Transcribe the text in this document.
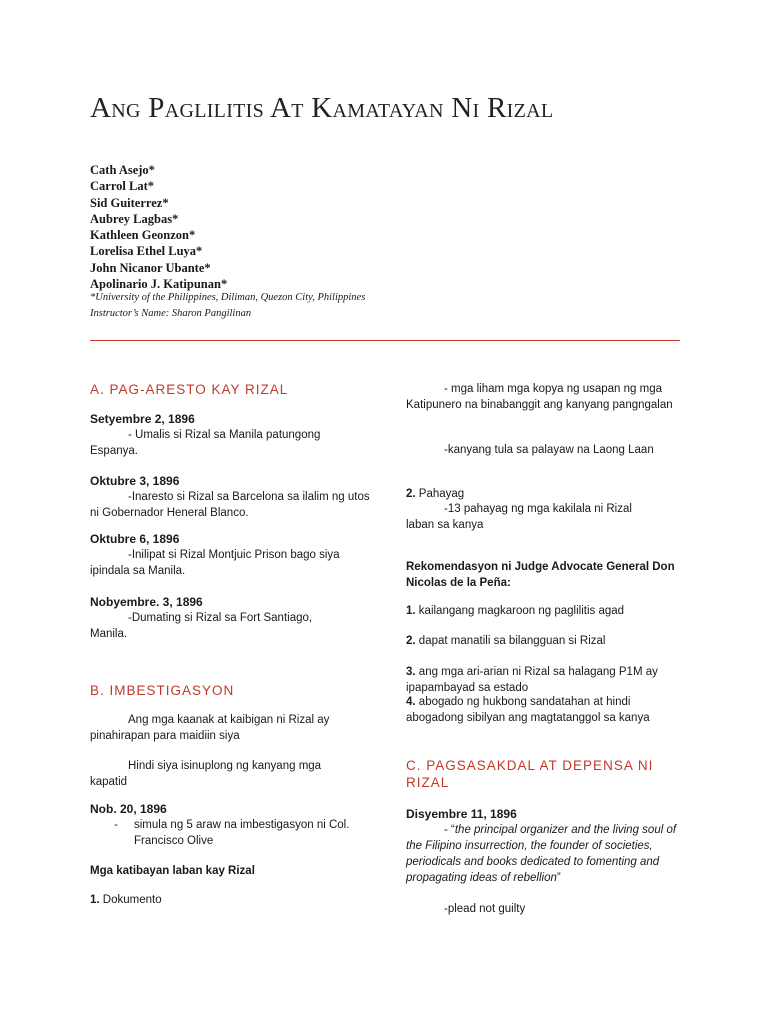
Ang Paglilitis At Kamatayan Ni Rizal
Cath Asejo*
Carrol Lat*
Sid Guiterrez*
Aubrey Lagbas*
Kathleen Geonzon*
Lorelisa Ethel Luya*
John Nicanor Ubante*
Apolinario J. Katipunan*
*University of the Philippines, Diliman, Quezon City, Philippines
Instructor’s Name: Sharon Pangilinan
A. PAG-ARESTO KAY RIZAL
Setyembre 2, 1896
- Umalis si Rizal sa Manila patungong Espanya.
Oktubre 3, 1896
-Inaresto si Rizal sa Barcelona sa ilalim ng utos ni Gobernador Heneral Blanco.
Oktubre 6, 1896
-Inilipat si Rizal Montjuic Prison bago siya ipindala sa Manila.
Nobyembre. 3, 1896
-Dumating si Rizal sa Fort Santiago, Manila.
B. IMBESTIGASYON
Ang mga kaanak at kaibigan ni Rizal ay pinahirapan para maidiin siya
Hindi siya isinuplong ng kanyang mga kapatid
Nob. 20, 1896
- simula ng 5 araw na imbestigasyon ni Col. Francisco Olive
Mga katibayan laban kay Rizal
1. Dokumento
- mga liham mga kopya ng usapan ng mga Katipunero na binabanggit ang kanyang pangngalan
-kanyang tula sa palayaw na Laong Laan
2. Pahayag
-13 pahayag ng mga kakilala ni Rizal laban sa kanya
Rekomendasyon ni Judge Advocate General Don Nicolas de la Peña:
1. kailangang magkaroon ng paglilitis agad
2. dapat manatili sa bilangguan si Rizal
3. ang mga ari-arian ni Rizal sa halagang P1M ay ipapambayad sa estado
4. abogado ng hukbong sandatahan at hindi abogadong sibilyan ang magtatanggol sa kanya
C. PAGSASAKDAL AT DEPENSA NI RIZAL
Disyembre 11, 1896
- “the principal organizer and the living soul of the Filipino insurrection, the founder of societies, periodicals and books dedicated to fomenting and propagating ideas of rebellion”
-plead not guilty
